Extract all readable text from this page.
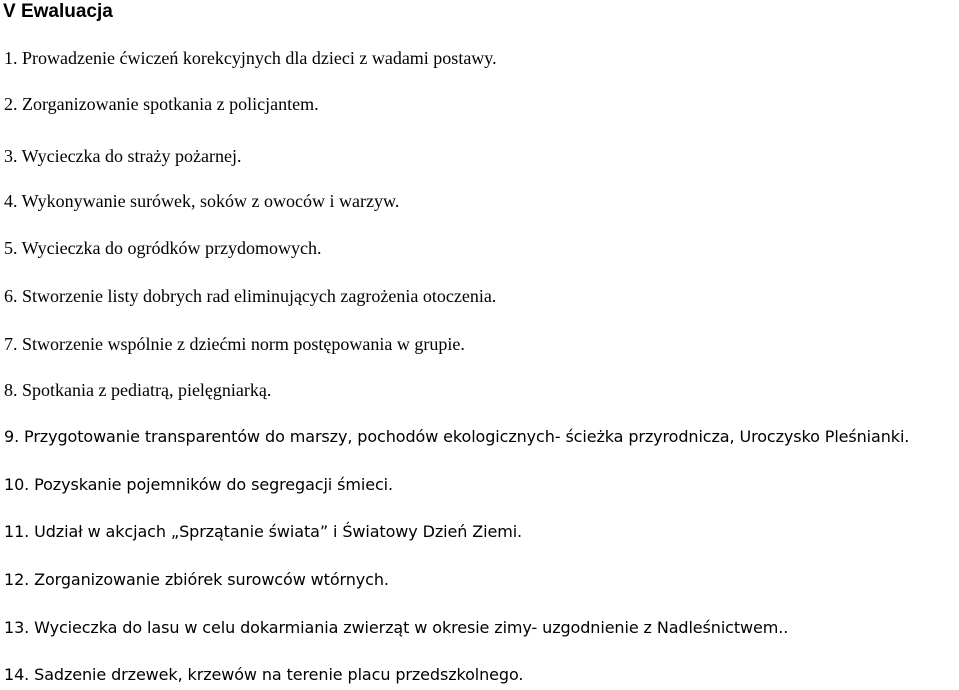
V Ewaluacja
1. Prowadzenie ćwiczeń korekcyjnych dla dzieci z wadami postawy.
2. Zorganizowanie spotkania z policjantem.
3. Wycieczka do straży pożarnej.
4. Wykonywanie surówek, soków z owoców i warzyw.
5. Wycieczka do ogródków przydomowych.
6. Stworzenie listy dobrych rad eliminujących zagrożenia otoczenia.
7. Stworzenie wspólnie z dziećmi norm postępowania w grupie.
8. Spotkania z pediatrą, pielęgniarką.
9. Przygotowanie transparentów do marszy, pochodów ekologicznych- ścieżka przyrodnicza, Uroczysko Pleśnianki.
10. Pozyskanie pojemników do segregacji śmieci.
11. Udział w akcjach „Sprzątanie świata” i Światowy Dzień Ziemi.
12. Zorganizowanie zbiórek surowców wtórnych.
13. Wycieczka do lasu w celu dokarmiania zwierząt w okresie zimy- uzgodnienie z Nadleśnictwem..
14. Sadzenie drzewek, krzewów na terenie placu przedszkolnego.
